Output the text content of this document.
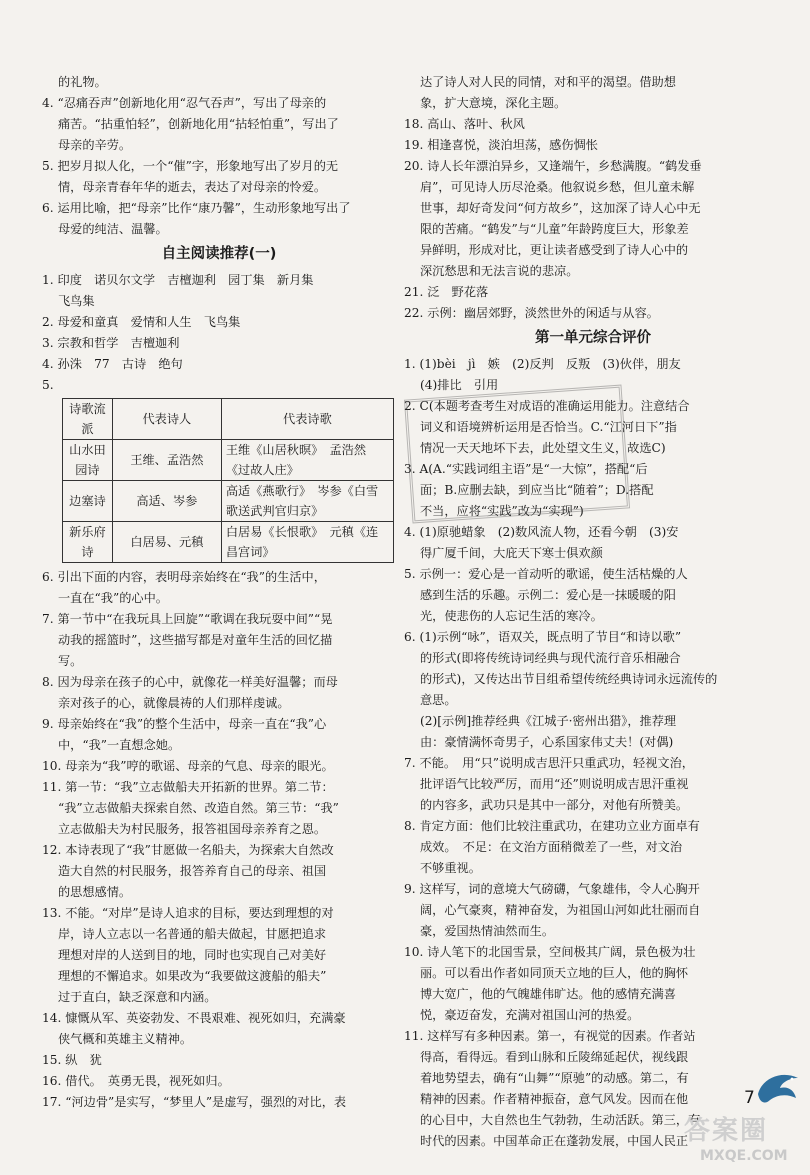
的礼物。
4. “忍痛吞声”创新地化用“忍气吞声”，写出了母亲的
痛苦。“拈重怕轻”，创新地化用“拈轻怕重”，写出了
母亲的辛劳。
5. 把岁月拟人化，一个“催”字，形象地写出了岁月的无
情，母亲青春年华的逝去，表达了对母亲的怜爱。
6. 运用比喻，把“母亲”比作“康乃馨”，生动形象地写出了
母爱的纯洁、温馨。
自主阅读推荐(一)
1. 印度　诺贝尔文学　吉檀迦利　园丁集　新月集
飞鸟集
2. 母爱和童真　爱情和人生　飞鸟集
3. 宗教和哲学　吉檀迦利
4. 孙洙　77　古诗　绝句
5.
诗歌流派	代表诗人	代表诗歌
山水田园诗	王维、孟浩然	王维《山居秋暝》　孟浩然《过故人庄》
边塞诗	高适、岑参	高适《燕歌行》　岑参《白雪歌送武判官归京》
新乐府诗	白居易、元稹	白居易《长恨歌》　元稹《连昌宫词》
6. 引出下面的内容，表明母亲始终在“我”的生活中，
一直在“我”的心中。
7. 第一节中“在我玩具上回旋”“歌调在我玩耍中间”“晃
动我的摇篮时”，这些描写都是对童年生活的回忆描
写。
8. 因为母亲在孩子的心中，就像花一样美好温馨；而母
亲对孩子的心，就像晨祷的人们那样虔诚。
9. 母亲始终在“我”的整个生活中，母亲一直在“我”心
中，“我”一直想念她。
10. 母亲为“我”哼的歌谣、母亲的气息、母亲的眼光。
11. 第一节：“我”立志做船夫开拓新的世界。第二节：
“我”立志做船夫探索自然、改造自然。第三节：“我”
立志做船夫为村民服务，报答祖国母亲养育之恩。
12. 本诗表现了“我”甘愿做一名船夫，为探索大自然改
造大自然的村民服务，报答养育自己的母亲、祖国
的思想感情。
13. 不能。“对岸”是诗人追求的目标，要达到理想的对
岸，诗人立志以一名普通的船夫做起，甘愿把追求
理想对岸的人送到目的地，同时也实现自己对美好
理想的不懈追求。如果改为“我要做这渡船的船夫”
过于直白，缺乏深意和内涵。
14. 慷慨从军、英姿勃发、不畏艰难、视死如归，充满豪
侠气概和英雄主义精神。
15. 纵　犹
16. 借代。　英勇无畏，视死如归。
17. “河边骨”是实写，“梦里人”是虚写，强烈的对比，表
达了诗人对人民的同情，对和平的渴望。借助想
象，扩大意境，深化主题。
18. 高山、落叶、秋风
19. 相逢喜悦，淡泊坦荡，感伤惆怅
20. 诗人长年漂泊异乡，又逢端午，乡愁满腹。“鹤发垂
肩”，可见诗人历尽沧桑。他叙说乡愁，但儿童未解
世事，却好奇发问“何方故乡”，这加深了诗人心中无
限的苦痛。“鹤发”与“儿童”年龄跨度巨大，形象差
异鲜明，形成对比，更让读者感受到了诗人心中的
深沉愁思和无法言说的悲凉。
21. 泛　野花落
22. 示例：幽居郊野，淡然世外的闲适与从容。
第一单元综合评价
1. (1)bèi　jì　嫉　(2)反判　反叛　(3)伙伴，朋友
(4)排比　引用
2. C(本题考查考生对成语的准确运用能力。注意结合
词义和语境辨析运用是否恰当。C.“江河日下”指
情况一天天地坏下去，此处望文生义，故选C)
3. A(A.“实践词组主语”是“一大惊”，搭配“后
面；B.应删去缺，到应当比“随着”；D.搭配
不当，应将“实践”改为“实现”)
4. (1)原驰蜡象　(2)数风流人物，还看今朝　(3)安
得广厦千间，大庇天下寒士俱欢颜
5. 示例一：爱心是一首动听的歌谣，使生活枯燥的人
感到生活的乐趣。示例二：爱心是一抹暖暖的阳
光，使悲伤的人忘记生活的寒冷。
6. (1)示例“咏”，语双关，既点明了节目“和诗以歌”
的形式(即将传统诗词经典与现代流行音乐相融合
的形式)，又传达出节目组希望传统经典诗词永远流传的
意思。
(2)[示例]推荐经典《江城子·密州出猎》，推荐理
由：豪情满怀奇男子，心系国家伟丈夫！(对偶)
7. 不能。　用“只”说明成吉思汗只重武功，轻视文治，
批评语气比较严厉，而用“还”则说明成吉思汗重视
的内容多，武功只是其中一部分，对他有所赞美。
8. 肯定方面：他们比较注重武功，在建功立业方面卓有
成效。　不足：在文治方面稍微差了一些，对文治
不够重视。
9. 这样写，词的意境大气磅礴，气象雄伟，令人心胸开
阔，心气豪爽，精神奋发，为祖国山河如此壮丽而自
豪，爱国热情油然而生。
10. 诗人笔下的北国雪景，空间极其广阔，景色极为壮
丽。可以看出作者如同顶天立地的巨人，他的胸怀
博大宽广，他的气魄雄伟旷达。他的感情充满喜
悦，豪迈奋发，充满对祖国山河的热爱。
11. 这样写有多种因素。第一，有视觉的因素。作者站
得高，看得远。看到山脉和丘陵绵延起伏，视线跟
着地势望去，确有“山舞”“原驰”的动感。第二，有
精神的因素。作者精神振奋，意气风发。因而在他
的心目中，大自然也生气勃勃，生动活跃。第三，有
时代的因素。中国革命正在蓬勃发展，中国人民正
7
答案圈
MXQE.COM
